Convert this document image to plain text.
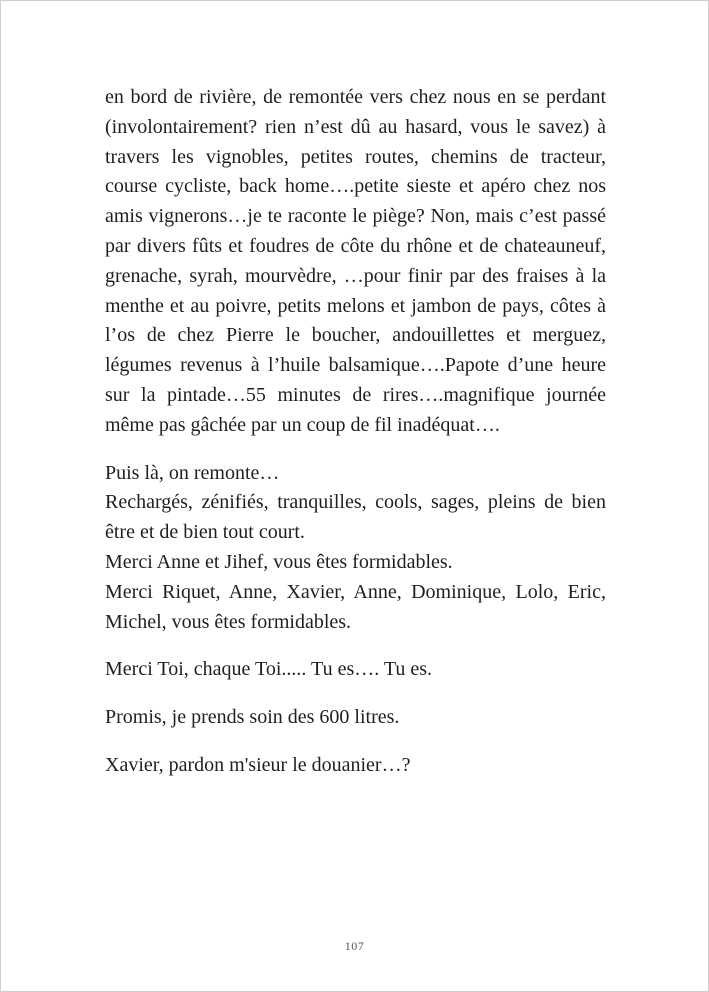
en bord de rivière, de remontée vers chez nous en se perdant (involontairement? rien n’est dû au hasard, vous le savez) à travers les vignobles, petites routes, chemins de tracteur, course cycliste, back home….petite sieste et apéro chez nos amis vignerons…je te raconte le piège? Non, mais c’est passé par divers fûts et foudres de côte du rhône et de chateauneuf, grenache, syrah, mourvèdre, …pour finir par des fraises à la menthe et au poivre, petits melons et jambon de pays, côtes à l’os de chez Pierre le boucher, andouillettes et merguez, légumes revenus à l’huile balsamique….Papote d’une heure sur la pintade…55 minutes de rires….magnifique journée même pas gâchée par un coup de fil inadéquat….

Puis là, on remonte…

Rechargés, zénifiés, tranquilles, cools, sages, pleins de bien être et de bien tout court.

Merci Anne et Jihef, vous êtes formidables.

Merci Riquet, Anne, Xavier, Anne, Dominique, Lolo, Eric, Michel, vous êtes formidables.

Merci Toi, chaque Toi..... Tu es…. Tu es.

Promis, je prends soin des 600 litres.

Xavier, pardon m'sieur le douanier…?

107
